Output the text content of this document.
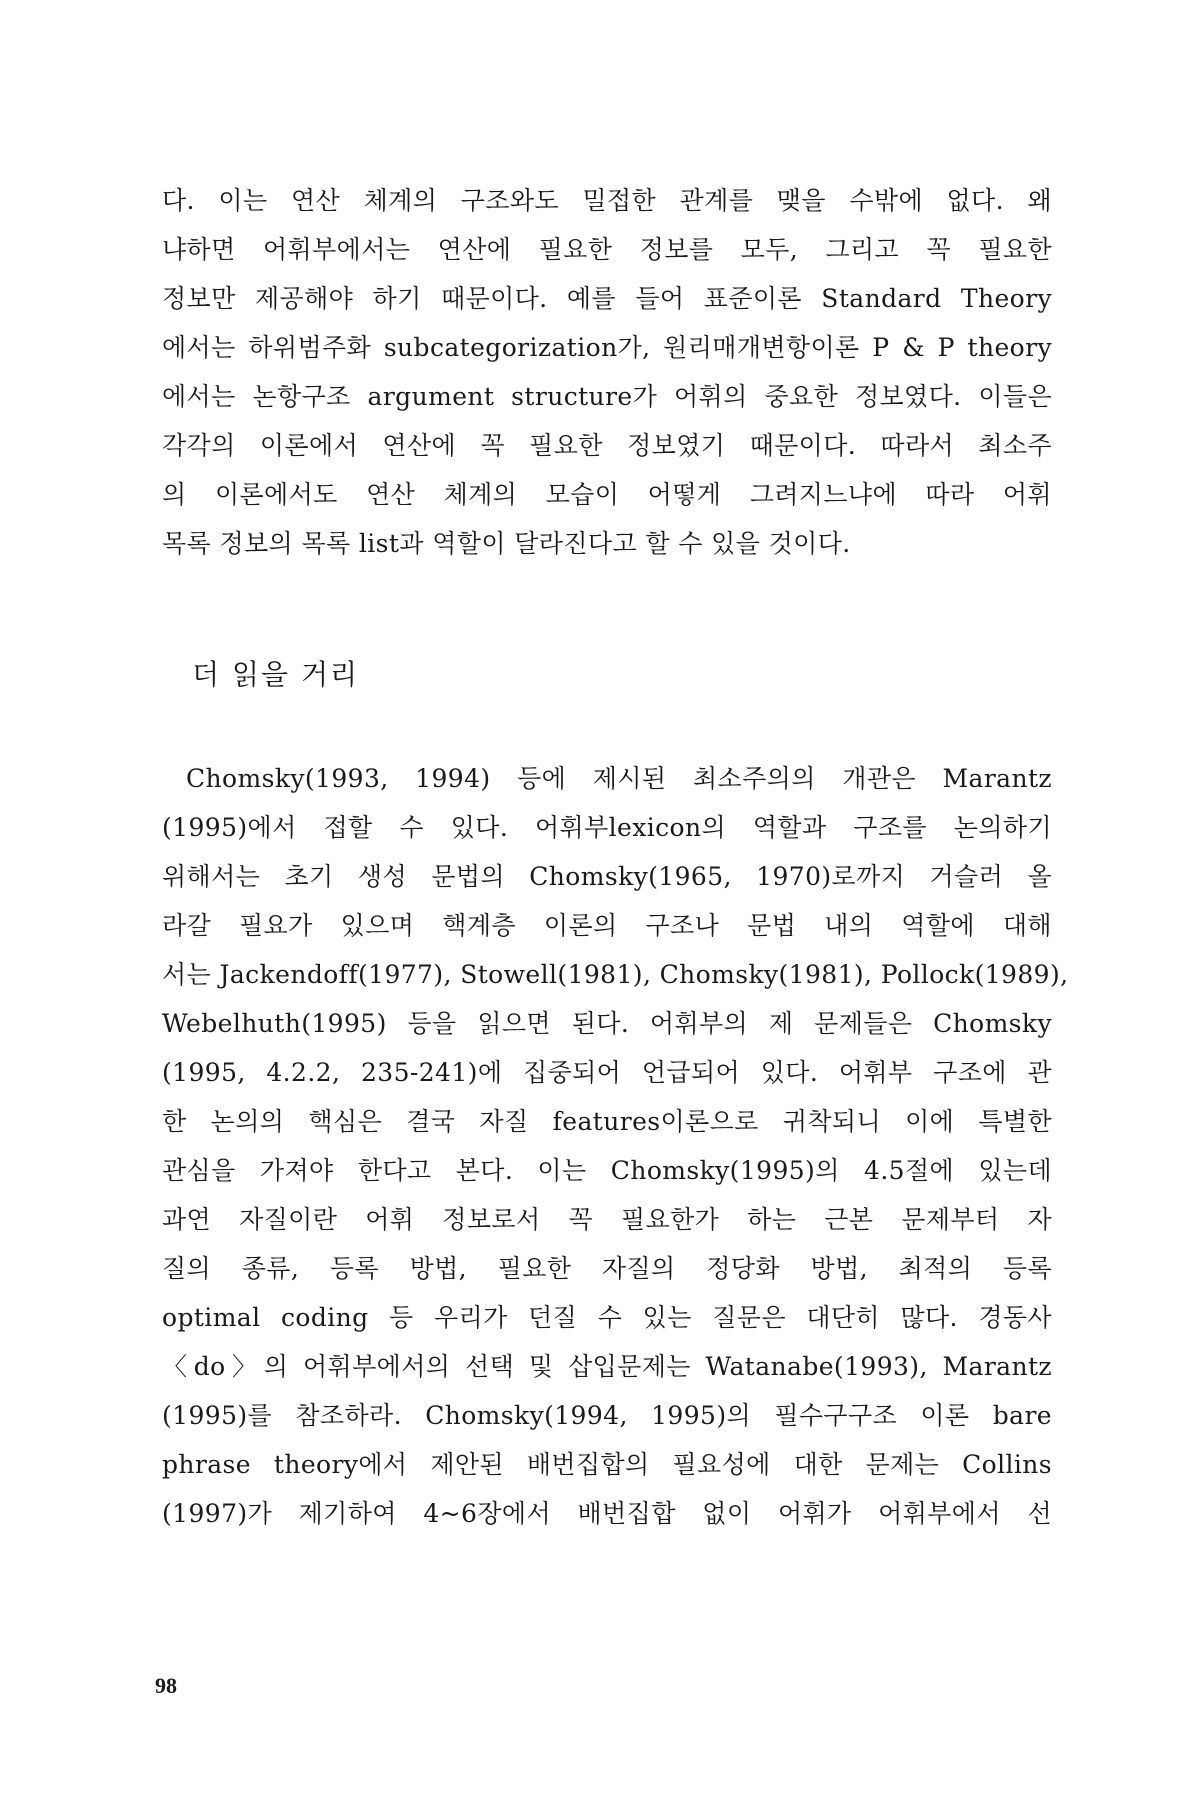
다. 이는 연산 체계의 구조와도 밀접한 관계를 맺을 수밖에 없다. 왜
냐하면 어휘부에서는 연산에 필요한 정보를 모두, 그리고 꼭 필요한
정보만 제공해야 하기 때문이다. 예를 들어 표준이론 Standard Theory
에서는 하위범주화 subcategorization가, 원리매개변항이론 P & P theory
에서는 논항구조 argument structure가 어휘의 중요한 정보였다. 이들은
각각의 이론에서 연산에 꼭 필요한 정보였기 때문이다. 따라서 최소주
의 이론에서도 연산 체계의 모습이 어떻게 그려지느냐에 따라 어휘
목록 정보의 목록 list과 역할이 달라진다고 할 수 있을 것이다.
더 읽을 거리
Chomsky(1993, 1994) 등에 제시된 최소주의의 개관은 Marantz
(1995)에서 접할 수 있다. 어휘부lexicon의 역할과 구조를 논의하기
위해서는 초기 생성 문법의 Chomsky(1965, 1970)로까지 거슬러 올
라갈 필요가 있으며 핵계층 이론의 구조나 문법 내의 역할에 대해
서는 Jackendoff(1977), Stowell(1981), Chomsky(1981), Pollock(1989),
Webelhuth(1995) 등을 읽으면 된다. 어휘부의 제 문제들은 Chomsky
(1995, 4.2.2, 235-241)에 집중되어 언급되어 있다. 어휘부 구조에 관
한 논의의 핵심은 결국 자질 features이론으로 귀착되니 이에 특별한
관심을 가져야 한다고 본다. 이는 Chomsky(1995)의 4.5절에 있는데
과연 자질이란 어휘 정보로서 꼭 필요한가 하는 근본 문제부터 자
질의 종류, 등록 방법, 필요한 자질의 정당화 방법, 최적의 등록
optimal coding 등 우리가 던질 수 있는 질문은 대단히 많다. 경동사
〈do〉의 어휘부에서의 선택 및 삽입문제는 Watanabe(1993), Marantz
(1995)를 참조하라. Chomsky(1994, 1995)의 필수구구조 이론 bare
phrase theory에서 제안된 배번집합의 필요성에 대한 문제는 Collins
(1997)가 제기하여 4~6장에서 배번집합 없이 어휘가 어휘부에서 선
98
